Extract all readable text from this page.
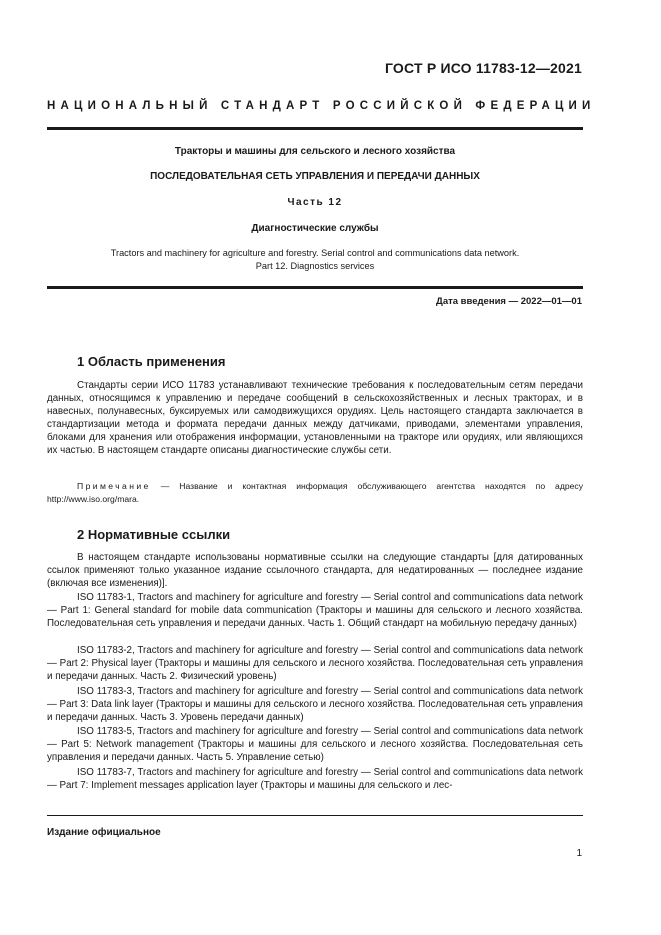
ГОСТ Р ИСО 11783-12—2021
НАЦИОНАЛЬНЫЙ СТАНДАРТ РОССИЙСКОЙ ФЕДЕРАЦИИ
Тракторы и машины для сельского и лесного хозяйства
ПОСЛЕДОВАТЕЛЬНАЯ СЕТЬ УПРАВЛЕНИЯ И ПЕРЕДАЧИ ДАННЫХ
Часть 12
Диагностические службы
Tractors and machinery for agriculture and forestry. Serial control and communications data network.
Part 12. Diagnostics services
Дата введения — 2022—01—01
1 Область применения

Стандарты серии ИСО 11783 устанавливают технические требования к последовательным сетям передачи данных, относящимся к управлению и передаче сообщений в сельскохозяйственных и лесных тракторах, и в навесных, полунавесных, буксируемых или самодвижущихся орудиях. Цель настоящего стандарта заключается в стандартизации метода и формата передачи данных между датчиками, приводами, элементами управления, блоками для хранения или отображения информации, установленными на тракторе или орудиях, или являющихся их частью. В настоящем стандарте описаны диагностические службы сети.

Примечание — Название и контактная информация обслуживающего агентства находятся по адресу http://www.iso.org/mara.

2 Нормативные ссылки

В настоящем стандарте использованы нормативные ссылки на следующие стандарты [для датированных ссылок применяют только указанное издание ссылочного стандарта, для недатированных — последнее издание (включая все изменения)].

ISO 11783-1, Tractors and machinery for agriculture and forestry — Serial control and communications data network — Part 1: General standard for mobile data communication (Тракторы и машины для сельского и лесного хозяйства. Последовательная сеть управления и передачи данных. Часть 1. Общий стандарт на мобильную передачу данных)

ISO 11783-2, Tractors and machinery for agriculture and forestry — Serial control and communications data network — Part 2: Physical layer (Тракторы и машины для сельского и лесного хозяйства. Последовательная сеть управления и передачи данных. Часть 2. Физический уровень)

ISO 11783-3, Tractors and machinery for agriculture and forestry — Serial control and communications data network — Part 3: Data link layer (Тракторы и машины для сельского и лесного хозяйства. Последовательная сеть управления и передачи данных. Часть 3. Уровень передачи данных)

ISO 11783-5, Tractors and machinery for agriculture and forestry — Serial control and communications data network — Part 5: Network management (Тракторы и машины для сельского и лесного хозяйства. Последовательная сеть управления и передачи данных. Часть 5. Управление сетью)

ISO 11783-7, Tractors and machinery for agriculture and forestry — Serial control and communications data network — Part 7: Implement messages application layer (Тракторы и машины для сельского и лес-

Издание официальное
1
